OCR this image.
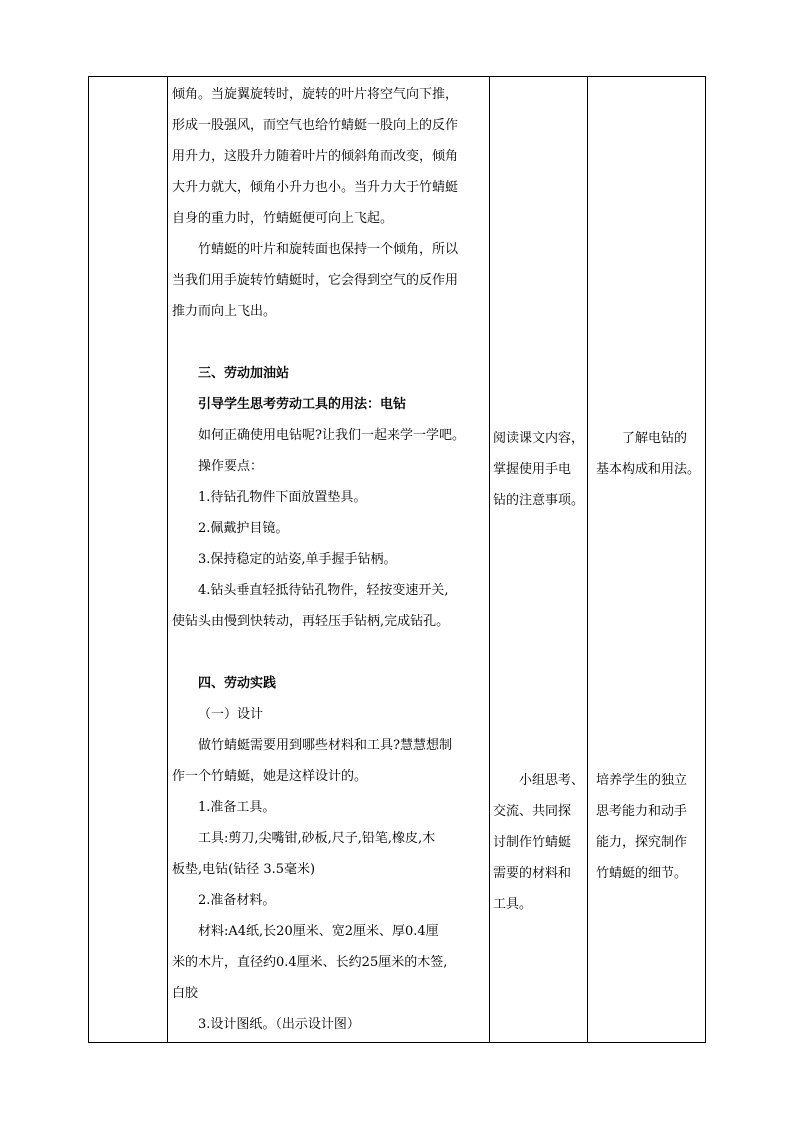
倾角。当旋翼旋转时，旋转的叶片将空气向下推，

形成一股强风，而空气也给竹蜻蜓一股向上的反作

用升力，这股升力随着叶片的倾斜角而改变，倾角

大升力就大，倾角小升力也小。当升力大于竹蜻蜓

自身的重力时，竹蜻蜓便可向上飞起。

竹蜻蜓的叶片和旋转面也保持一个倾角，所以

当我们用手旋转竹蜻蜓时，它会得到空气的反作用

推力而向上飞出。

三、劳动加油站

引导学生思考劳动工具的用法：电钻

如何正确使用电钻呢?让我们一起来学一学吧。

操作要点：

1.待钻孔物件下面放置垫具。

2.佩戴护目镜。

3.保持稳定的站姿,单手握手钻柄。

4.钻头垂直轻抵待钻孔物件，轻按变速开关,

使钻头由慢到快转动，再轻压手钻柄,完成钻孔。

四、劳动实践

（一）设计

做竹蜻蜓需要用到哪些材料和工具?慧慧想制

作一个竹蜻蜓，她是这样设计的。

1.准备工具。

工具:剪刀,尖嘴钳,砂板,尺子,铅笔,橡皮,木

板垫,电钻(钻径 3.5毫米)

2.准备材料。

材料:A4纸,长20厘米、宽2厘米、厚0.4厘

米的木片，直径约0.4厘米、长约25厘米的木签,

白胶

3.设计图纸。（出示设计图）

阅读课文内容，

掌握使用手电

钻的注意事项。

了解电钻的

基本构成和用法。

小组思考、

交流、共同探

讨制作竹蜻蜓

需要的材料和

工具。

培养学生的独立

思考能力和动手

能力，探究制作

竹蜻蜓的细节。
